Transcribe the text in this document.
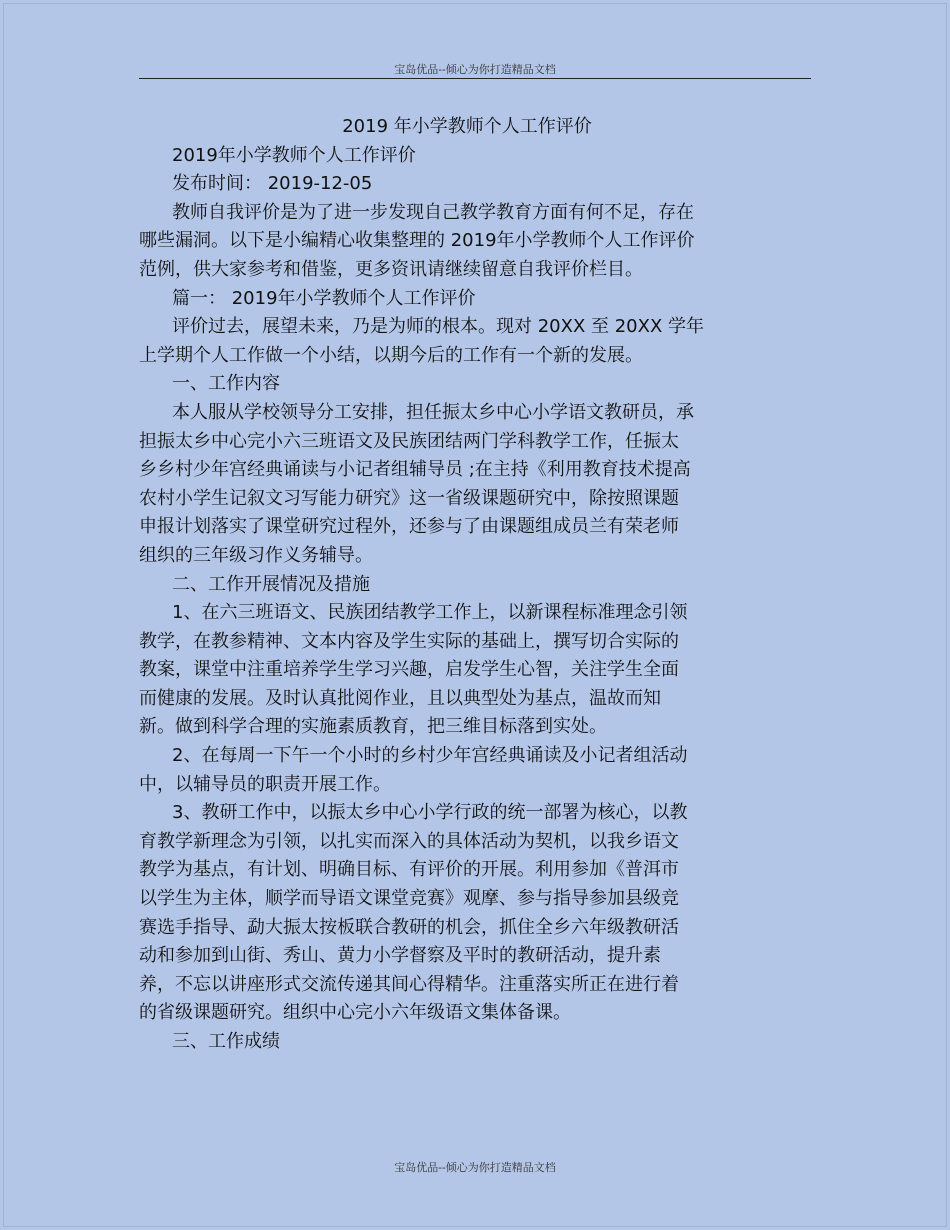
宝岛优品--倾心为你打造精品文档
2019 年小学教师个人工作评价
2019年小学教师个人工作评价
发布时间： 2019-12-05
教师自我评价是为了进一步发现自己教学教育方面有何不足，存在
哪些漏洞。以下是小编精心收集整理的 2019年小学教师个人工作评价
范例，供大家参考和借鉴，更多资讯请继续留意自我评价栏目。
篇一： 2019年小学教师个人工作评价
评价过去，展望未来，乃是为师的根本。现对 20XX 至 20XX 学年
上学期个人工作做一个小结，以期今后的工作有一个新的发展。
一、工作内容
本人服从学校领导分工安排，担任振太乡中心小学语文教研员，承
担振太乡中心完小六三班语文及民族团结两门学科教学工作，任振太
乡乡村少年宫经典诵读与小记者组辅导员 ;在主持《利用教育技术提高
农村小学生记叙文习写能力研究》这一省级课题研究中，除按照课题
申报计划落实了课堂研究过程外，还参与了由课题组成员兰有荣老师
组织的三年级习作义务辅导。
二、工作开展情况及措施
1、在六三班语文、民族团结教学工作上，以新课程标准理念引领
教学，在教参精神、文本内容及学生实际的基础上，撰写切合实际的
教案，课堂中注重培养学生学习兴趣，启发学生心智，关注学生全面
而健康的发展。及时认真批阅作业，且以典型处为基点，温故而知
新。做到科学合理的实施素质教育，把三维目标落到实处。
2、在每周一下午一个小时的乡村少年宫经典诵读及小记者组活动
中，以辅导员的职责开展工作。
3、教研工作中，以振太乡中心小学行政的统一部署为核心，以教
育教学新理念为引领，以扎实而深入的具体活动为契机，以我乡语文
教学为基点，有计划、明确目标、有评价的开展。利用参加《普洱市
以学生为主体，顺学而导语文课堂竞赛》观摩、参与指导参加县级竞
赛选手指导、勐大振太按板联合教研的机会，抓住全乡六年级教研活
动和参加到山街、秀山、黄力小学督察及平时的教研活动，提升素
养，不忘以讲座形式交流传递其间心得精华。注重落实所正在进行着
的省级课题研究。组织中心完小六年级语文集体备课。
三、工作成绩
宝岛优品--倾心为你打造精品文档
